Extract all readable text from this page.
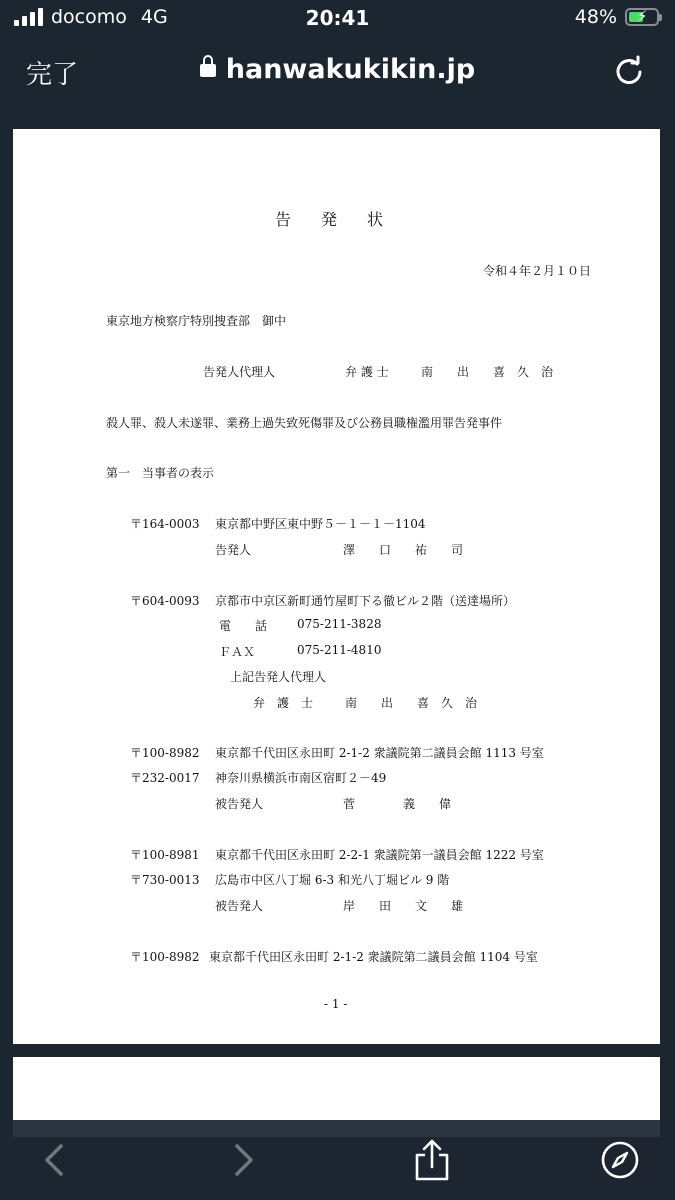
docomo 4G	20:41	48% ⚡
完了	hanwakukikin.jp
告発状
令和４年２月１０日
東京地方検察庁特別捜査部　御中
告発人代理人	弁 護 士	南　　出　　喜　久　治
殺人罪、殺人未遂罪、業務上過失致死傷罪及び公務員職権濫用罪告発事件
第一　当事者の表示
〒164-0003 東京都中野区東中野５－１－１－1104
告発人	澤　　口　　祐　　司
〒604-0093 京都市中京区新町通竹屋町下る徹ビル２階（送達場所）
電　　話 075-211-3828
ＦＡＸ	075-211-4810
上記告発人代理人
弁　護　士	南　　出　　喜　久　治
〒100-8982 東京都千代田区永田町 2-1-2 衆議院第二議員会館 1113 号室
〒232-0017 神奈川県横浜市南区宿町２－49
被告発人	菅　　　　義　　偉
〒100-8981 東京都千代田区永田町 2-2-1 衆議院第一議員会館 1222 号室
〒730-0013 広島市中区八丁堀 6-3 和光八丁堀ビル 9 階
被告発人	岸　　田　　文　　雄
〒100-8982 東京都千代田区永田町 2-1-2 衆議院第二議員会館 1104 号室
- 1 -
